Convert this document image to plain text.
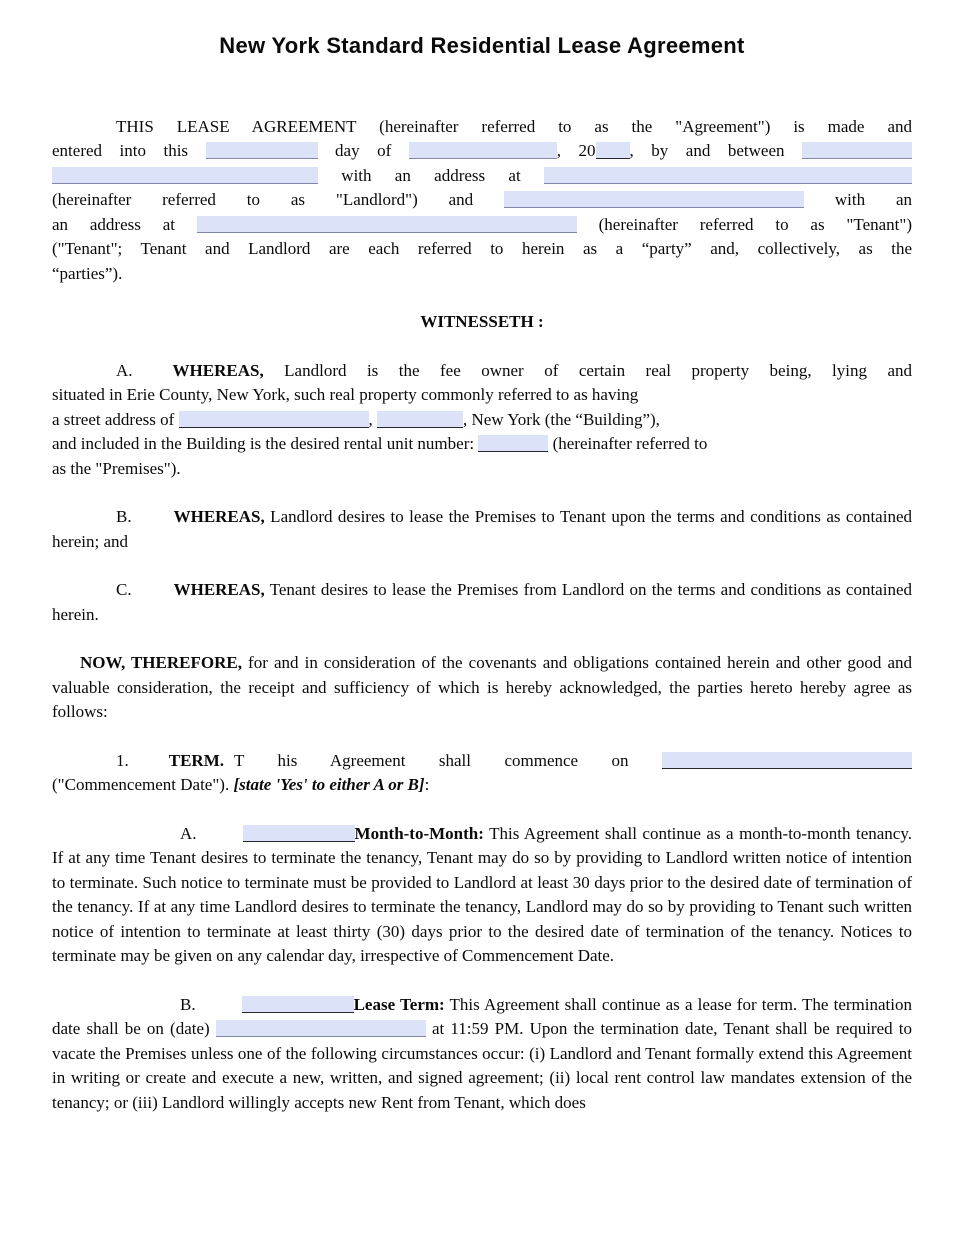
New York Standard Residential Lease Agreement
THIS LEASE AGREEMENT (hereinafter referred to as the "Agreement") is made and
entered into this	day of	, 20 , by and between
with an address at
(hereinafter referred to as "Landlord") and	with an
an address at	(hereinafter referred to as "Tenant")
("Tenant"; Tenant and Landlord are each referred to herein as a “party” and, collectively, as the
“parties”).
WITNESSETH :
A. WHEREAS, Landlord is the fee owner of certain real property being, lying and
situated in Erie County, New York, such real property commonly referred to as having
a street address of	,	, New York (the “Building”),
and included in the Building is the desired rental unit number:	(hereinafter referred to
as the "Premises").
B. WHEREAS, Landlord desires to lease the Premises to Tenant upon the terms and conditions as contained herein; and
C. WHEREAS, Tenant desires to lease the Premises from Landlord on the terms and conditions as contained herein.
NOW, THEREFORE, for and in consideration of the covenants and obligations contained herein and other good and valuable consideration, the receipt and sufficiency of which is hereby acknowledged, the parties hereto hereby agree as follows:
1. TERM. T his Agreement shall commence on
("Commencement Date"). [state 'Yes' to either A or B]:
A.	Month-to-Month: This Agreement shall continue as a month-to-month tenancy. If at any time Tenant desires to terminate the tenancy, Tenant may do so by providing to Landlord written notice of intention to terminate. Such notice to terminate must be provided to Landlord at least 30 days prior to the desired date of termination of the tenancy. If at any time Landlord desires to terminate the tenancy, Landlord may do so by providing to Tenant such written notice of intention to terminate at least thirty (30) days prior to the desired date of termination of the tenancy. Notices to terminate may be given on any calendar day, irrespective of Commencement Date.
B.	Lease Term: This Agreement shall continue as a lease for term. The termination date shall be on (date)	at 11:59 PM. Upon the termination date, Tenant shall be required to vacate the Premises unless one of the following circumstances occur: (i) Landlord and Tenant formally extend this Agreement in writing or create and execute a new, written, and signed agreement; (ii) local rent control law mandates extension of the tenancy; or (iii) Landlord willingly accepts new Rent from Tenant, which does
